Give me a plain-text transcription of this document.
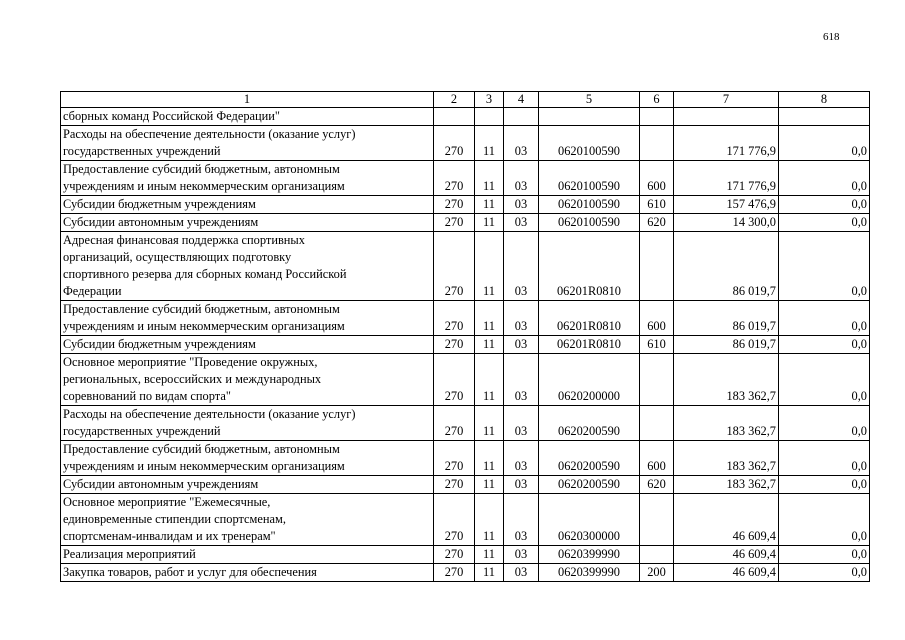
618
1	2	3	4	5	6	7	8

сборных команд Российской Федерации"							

Расходы на обеспечение деятельности (оказание услуг)
государственных учреждений	270	11	03	0620100590		171 776,9	0,0

Предоставление субсидий бюджетным, автономным
учреждениям и иным некоммерческим организациям	270	11	03	0620100590	600	171 776,9	0,0

Субсидии бюджетным учреждениям	270	11	03	0620100590	610	157 476,9	0,0

Субсидии автономным учреждениям	270	11	03	0620100590	620	14 300,0	0,0

Адресная финансовая поддержка спортивных
организаций, осуществляющих подготовку
спортивного резерва для сборных команд Российской
Федерации	270	11	03	06201R0810		86 019,7	0,0

Предоставление субсидий бюджетным, автономным
учреждениям и иным некоммерческим организациям	270	11	03	06201R0810	600	86 019,7	0,0

Субсидии бюджетным учреждениям	270	11	03	06201R0810	610	86 019,7	0,0

Основное мероприятие "Проведение окружных,
региональных, всероссийских и международных
соревнований по видам спорта"	270	11	03	0620200000		183 362,7	0,0

Расходы на обеспечение деятельности (оказание услуг)
государственных учреждений	270	11	03	0620200590		183 362,7	0,0

Предоставление субсидий бюджетным, автономным
учреждениям и иным некоммерческим организациям	270	11	03	0620200590	600	183 362,7	0,0

Субсидии автономным учреждениям	270	11	03	0620200590	620	183 362,7	0,0

Основное мероприятие "Ежемесячные,
единовременные стипендии спортсменам,
спортсменам-инвалидам и их тренерам"	270	11	03	0620300000		46 609,4	0,0

Реализация мероприятий	270	11	03	0620399990		46 609,4	0,0

Закупка товаров, работ и услуг для обеспечения	270	11	03	0620399990	200	46 609,4	0,0
